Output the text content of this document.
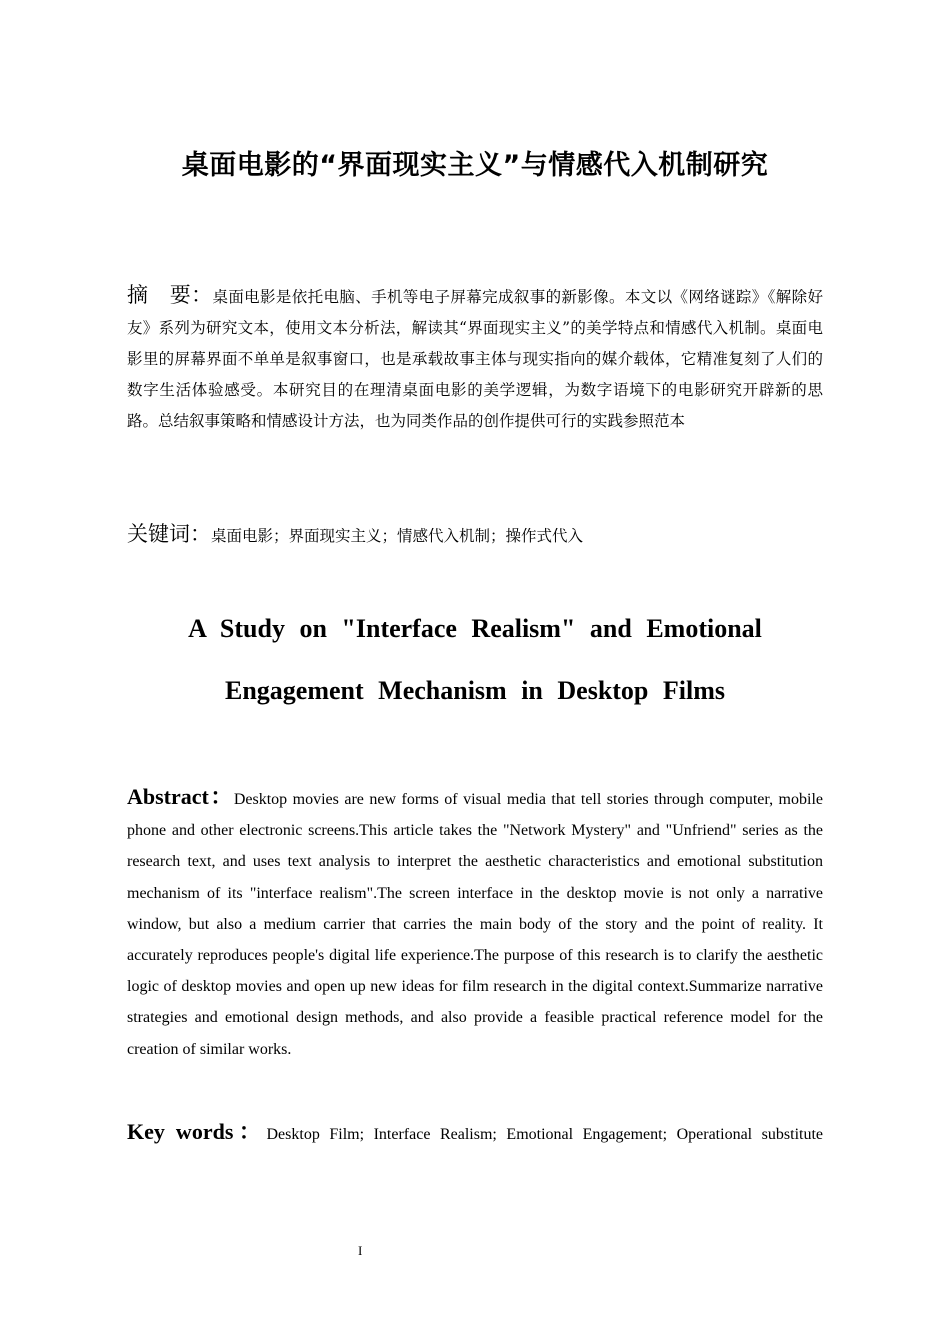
桌面电影的“界面现实主义”与情感代入机制研究
摘　要：桌面电影是依托电脑、手机等电子屏幕完成叙事的新影像。本文以《网络谜踪》《解除好友》系列为研究文本，使用文本分析法，解读其“界面现实主义”的美学特点和情感代入机制。桌面电影里的屏幕界面不单单是叙事窗口，也是承载故事主体与现实指向的媒介载体，它精准复刻了人们的数字生活体验感受。本研究目的在理清桌面电影的美学逻辑，为数字语境下的电影研究开辟新的思路。总结叙事策略和情感设计方法，也为同类作品的创作提供可行的实践参照范本
关键词：桌面电影；界面现实主义；情感代入机制；操作式代入
A Study on "Interface Realism" and Emotional
Engagement Mechanism in Desktop Films
Abstract：Desktop movies are new forms of visual media that tell stories through computer, mobile phone and other electronic screens.This article takes the "Network Mystery" and "Unfriend" series as the research text, and uses text analysis to interpret the aesthetic characteristics and emotional substitution mechanism of its "interface realism".The screen interface in the desktop movie is not only a narrative window, but also a medium carrier that carries the main body of the story and the point of reality. It accurately reproduces people's digital life experience.The purpose of this research is to clarify the aesthetic logic of desktop movies and open up new ideas for film research in the digital context.Summarize narrative strategies and emotional design methods, and also provide a feasible practical reference model for the creation of similar works.
Key words：Desktop Film; Interface Realism; Emotional Engagement; Operational substitute
I
